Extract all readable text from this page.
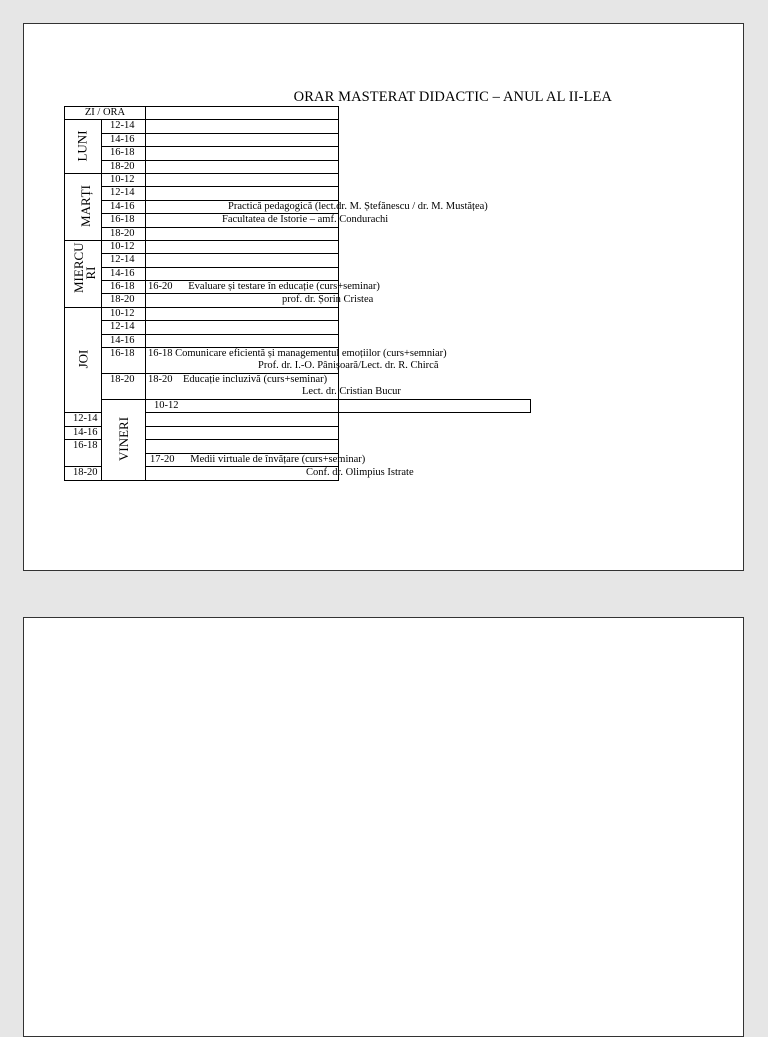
ORAR MASTERAT DIDACTIC – ANUL AL II-LEA
ZI / ORA			
LUNI	12-14		
	14-16		
	16-18		
	18-20		
MARȚI	10-12		
	12-14		
	14-16	Practică pedagogică (lect.dr. M. Ștefănescu / dr. M. Mustățea)	
	16-18	Facultatea de Istorie – amf. Condurachi	
	18-20		
MIERCU RI	10-12		
	12-14		
	14-16		
	16-18	16-20      Evaluare și testare în educație (curs+seminar)	
	18-20	prof. dr. Șorin Cristea	
JOI	10-12		
	12-14		
	14-16		
	16-18	16-18 Comunicare eficientă și managementul emoțiilor (curs+semniar)
Prof. dr. I.-O. Pânișoară/Lect. dr. R. Chircă	

	18-20	18-20    Educație incluzivă (curs+seminar)
Lect. dr. Cristian Bucur	

	VINERI	10-12	
12-14			
14-16			
16-18		17-20      Medii virtuale de învățare (curs+seminar)	

18-20		Conf. dr. Olimpius Istrate	
